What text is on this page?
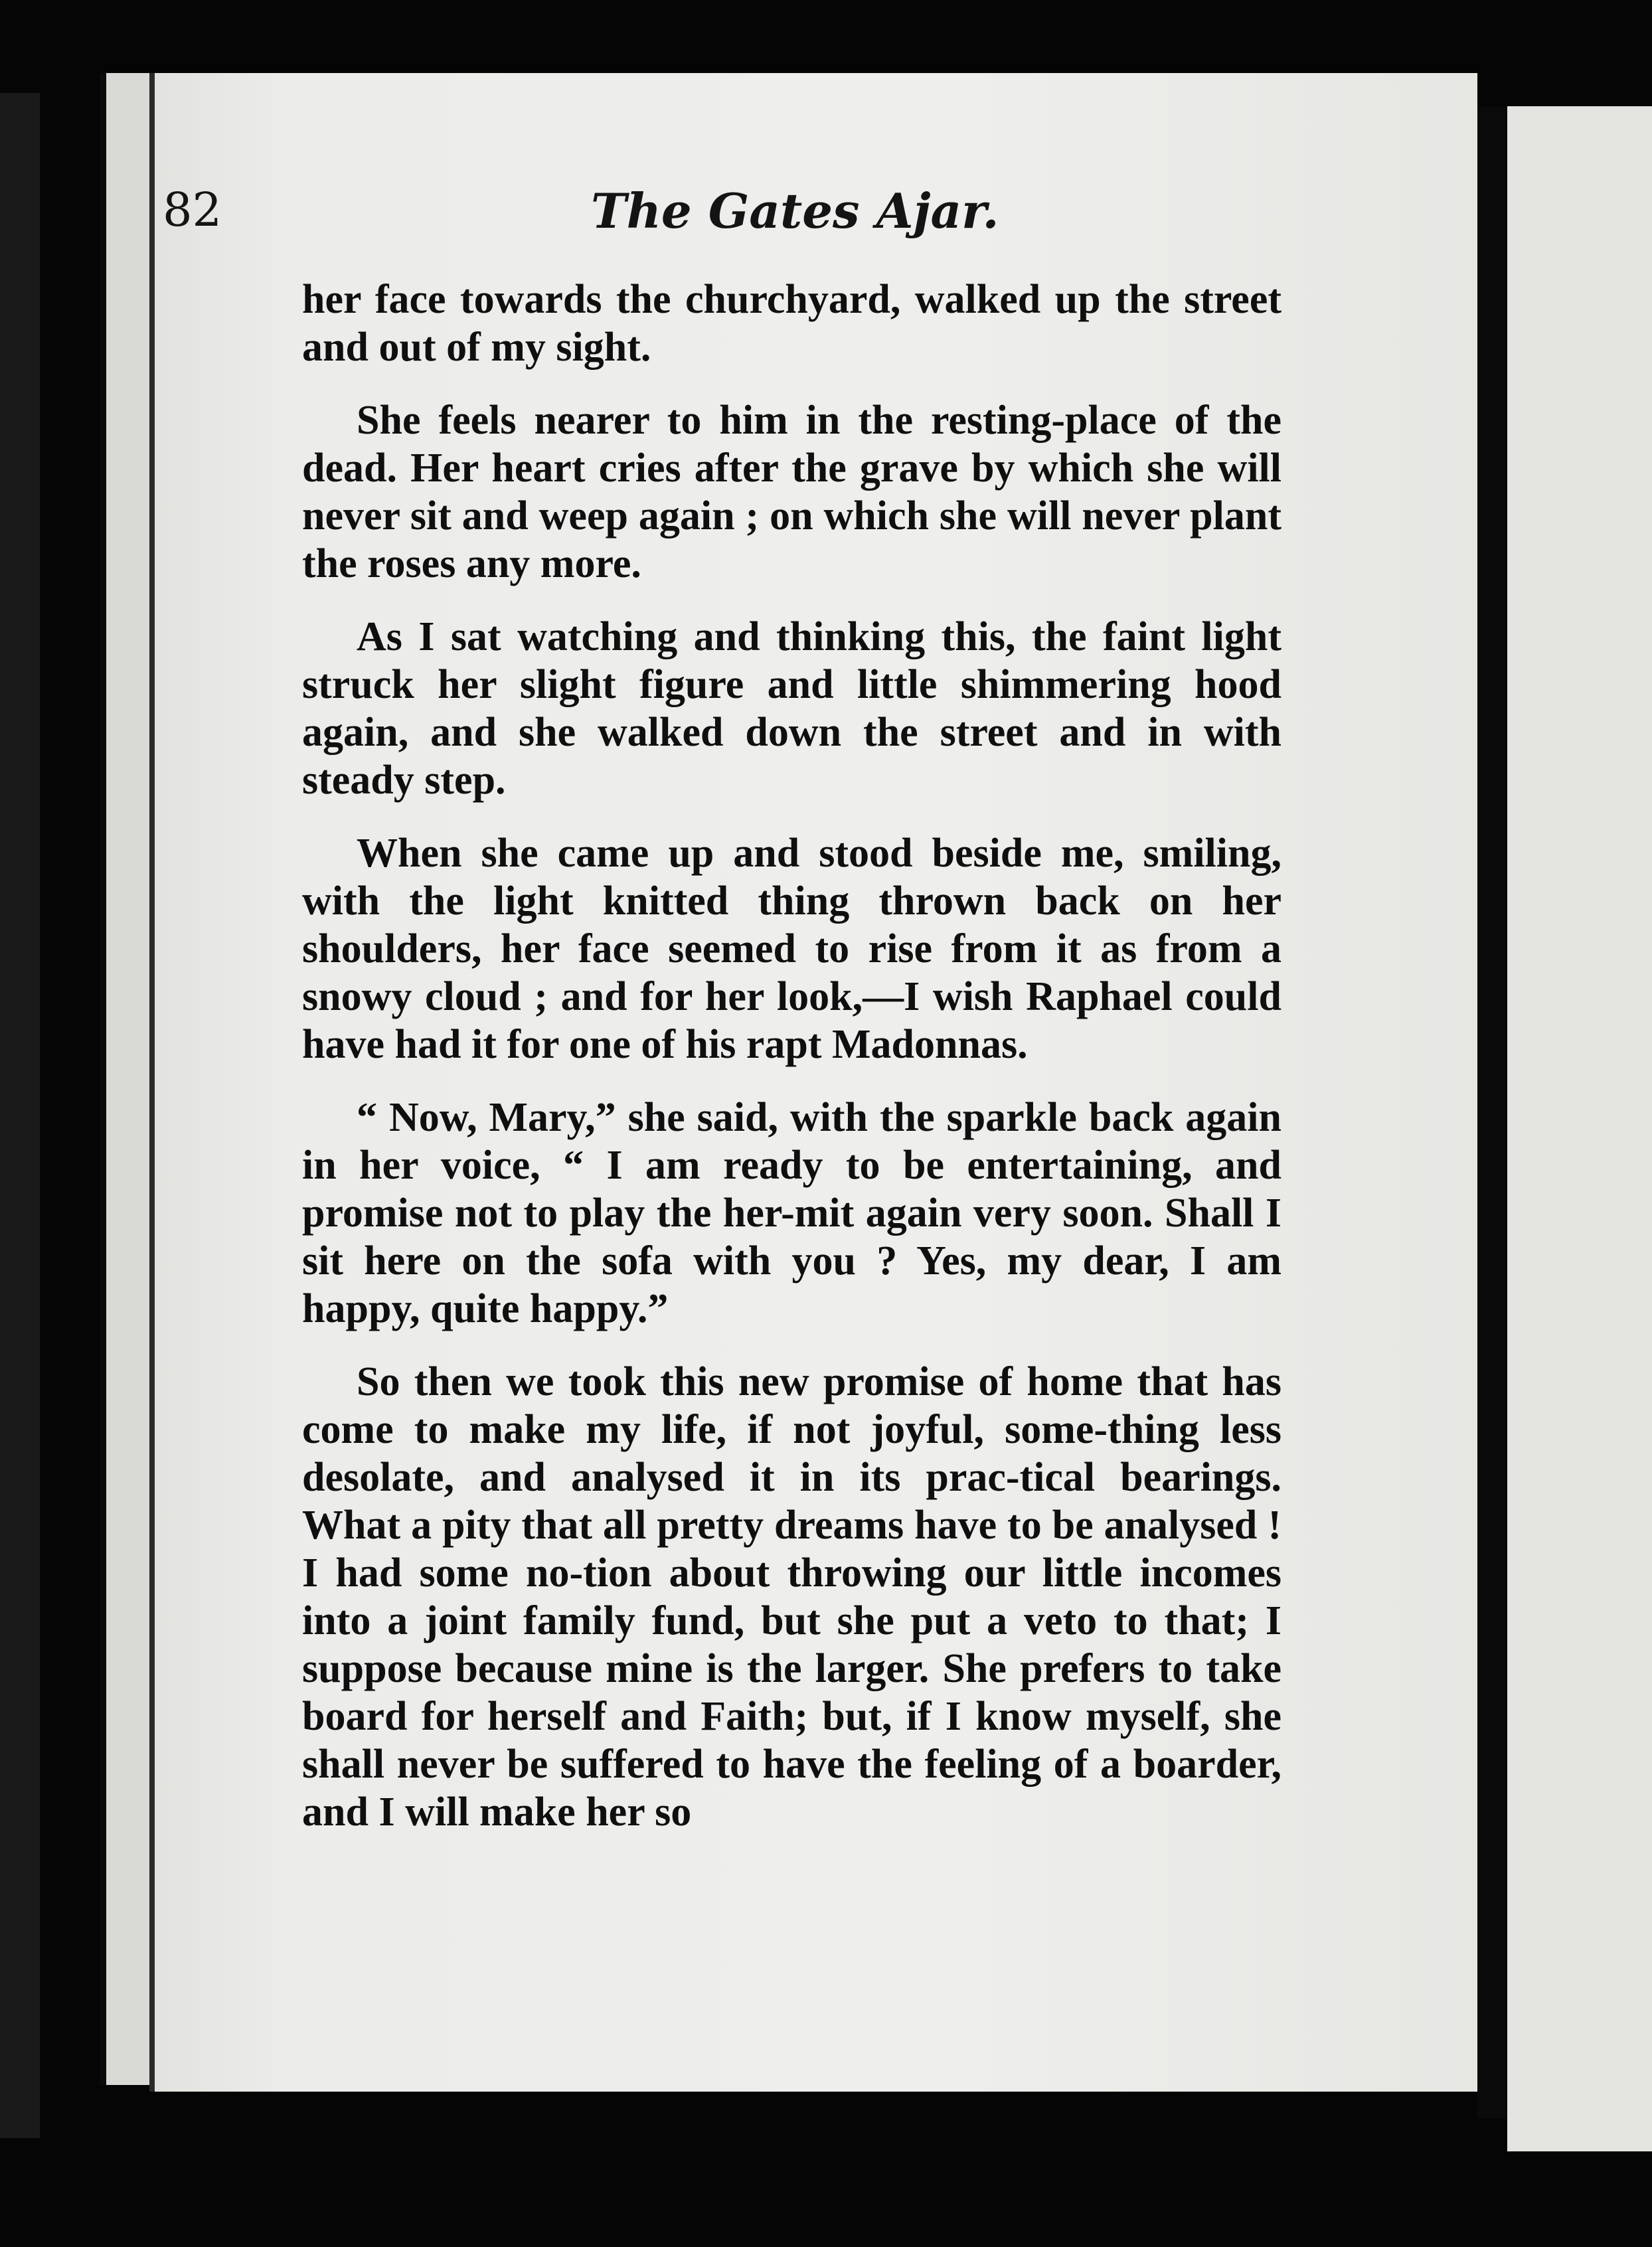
82	The Gates Ajar.

her face towards the churchyard, walked up the street and out of my sight.

She feels nearer to him in the resting-place of the dead. Her heart cries after the grave by which she will never sit and weep again ; on which she will never plant the roses any more.

As I sat watching and thinking this, the faint light struck her slight figure and little shimmering hood again, and she walked down the street and in with steady step.

When she came up and stood beside me, smiling, with the light knitted thing thrown back on her shoulders, her face seemed to rise from it as from a snowy cloud ; and for her look,—I wish Raphael could have had it for one of his rapt Madonnas.

“ Now, Mary,” she said, with the sparkle back again in her voice, “ I am ready to be entertaining, and promise not to play the her-mit again very soon. Shall I sit here on the sofa with you ? Yes, my dear, I am happy, quite happy.”

So then we took this new promise of home that has come to make my life, if not joyful, some-thing less desolate, and analysed it in its prac-tical bearings. What a pity that all pretty dreams have to be analysed ! I had some no-tion about throwing our little incomes into a joint family fund, but she put a veto to that; I suppose because mine is the larger. She prefers to take board for herself and Faith; but, if I know myself, she shall never be suffered to have the feeling of a boarder, and I will make her so
